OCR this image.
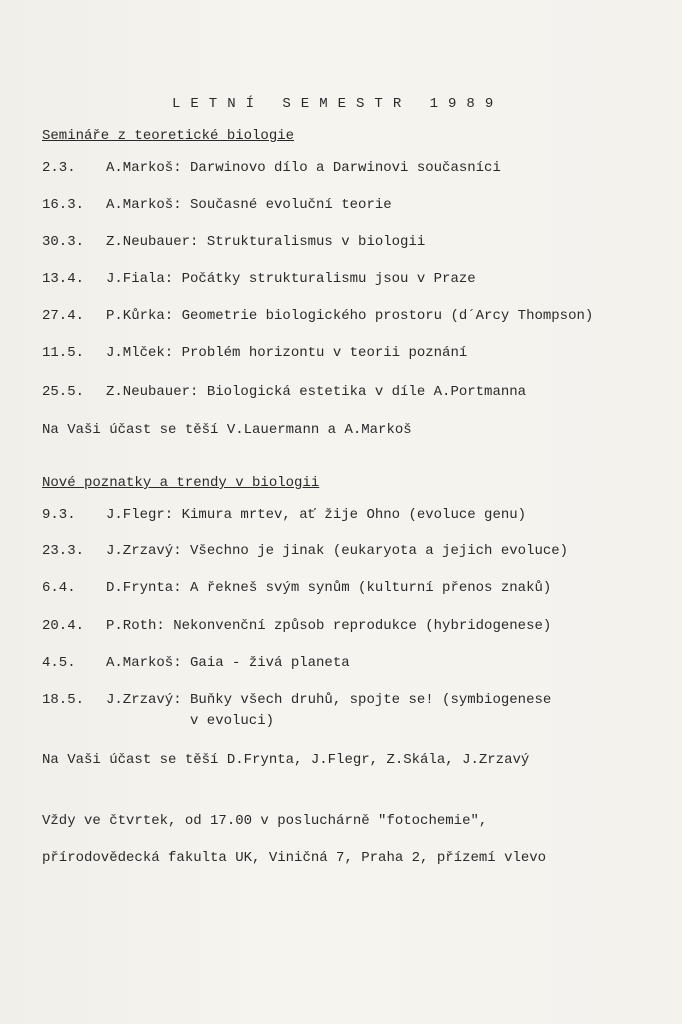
LETNÍ SEMESTR 1989
Semináře z teoretické biologie
2.3. A.Markoš: Darwinovo dílo a Darwinovi současníci
16.3. A.Markoš: Současné evoluční teorie
30.3. Z.Neubauer: Strukturalismus v biologii
13.4. J.Fiala: Počátky strukturalismu jsou v Praze
27.4. P.Kůrka: Geometrie biologického prostoru (d´Arcy Thompson)
11.5. J.Mlček: Problém horizontu v teorii poznání
25.5. Z.Neubauer: Biologická estetika v díle A.Portmanna
Na Vaši účast se těší V.Lauermann a A.Markoš
Nové poznatky a trendy v biologii
9.3. J.Flegr: Kimura mrtev, ať žije Ohno (evoluce genu)
23.3. J.Zrzavý: Všechno je jinak (eukaryota a jejich evoluce)
6.4. D.Frynta: A řekneš svým synům (kulturní přenos znaků)
20.4. P.Roth: Nekonvenční způsob reprodukce (hybridogenese)
4.5. A.Markoš: Gaia - živá planeta
18.5. J.Zrzavý: Buňky všech druhů, spojte se! (symbiogenese
v evoluci)
Na Vaši účast se těší D.Frynta, J.Flegr, Z.Skála, J.Zrzavý
Vždy ve čtvrtek, od 17.00 v posluchárně "fotochemie",
přírodovědecká fakulta UK, Viničná 7, Praha 2, přízemí vlevo
